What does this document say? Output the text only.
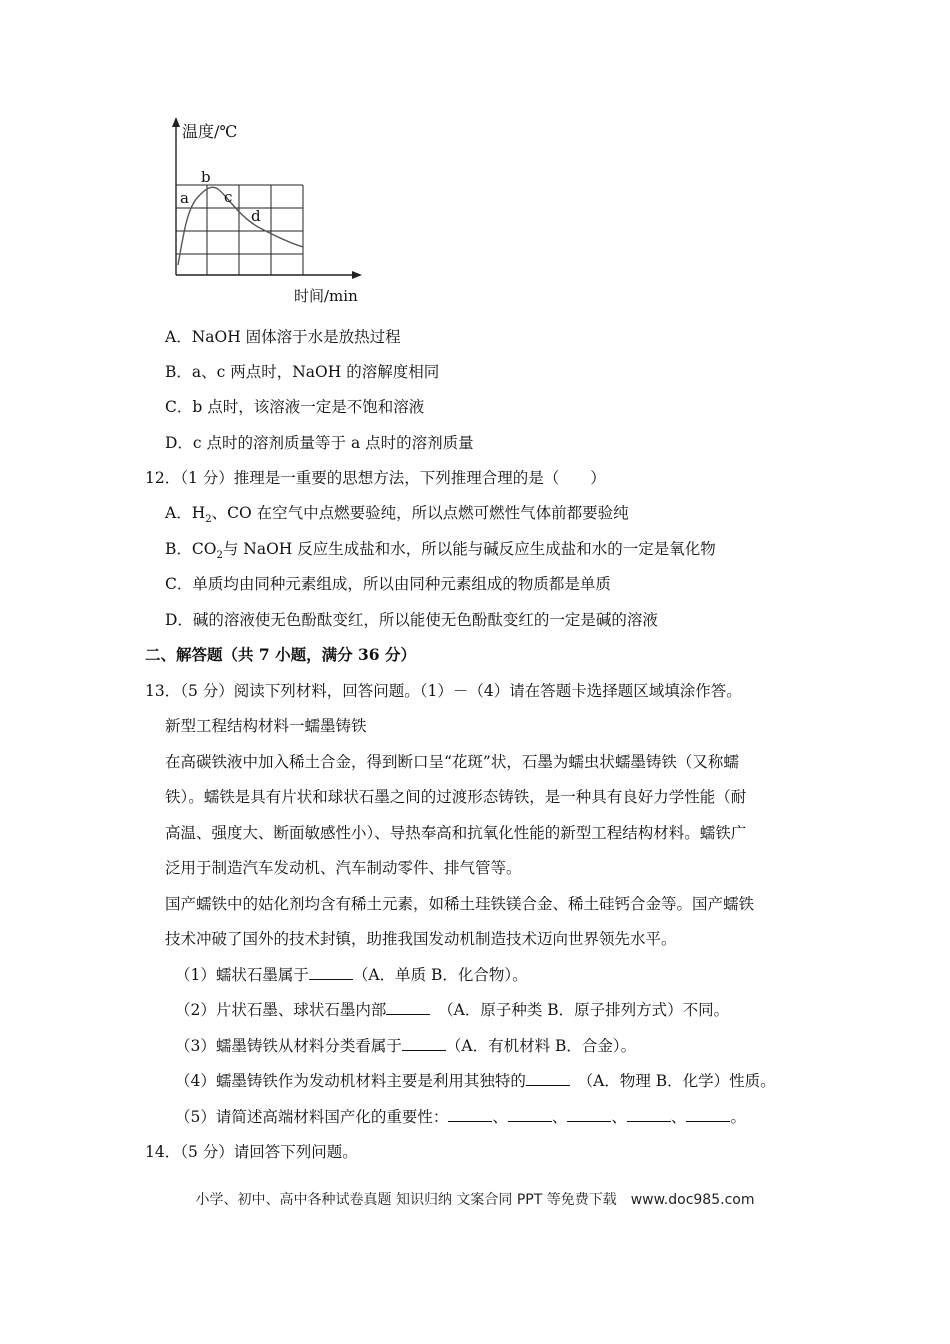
温度/℃
时间/min
a
b
c
d
A．NaOH 固体溶于水是放热过程
B．a、c 两点时，NaOH 的溶解度相同
C．b 点时，该溶液一定是不饱和溶液
D．c 点时的溶剂质量等于 a 点时的溶剂质量
12．（1 分）推理是一重要的思想方法，下列推理合理的是（　　）
A．$H_2$、CO 在空气中点燃要验纯，所以点燃可燃性气体前都要验纯
B．$CO_2$与 NaOH 反应生成盐和水，所以能与碱反应生成盐和水的一定是氧化物
C．单质均由同种元素组成，所以由同种元素组成的物质都是单质
D．碱的溶液使无色酚酞变红，所以能使无色酚酞变红的一定是碱的溶液
二、解答题（共 7 小题，满分 36 分）
13．（5 分）阅读下列材料，回答问题。（1）－（4）请在答题卡选择题区域填涂作答。
新型工程结构材料一蠕墨铸铁
在高碳铁液中加入稀土合金，得到断口呈“花斑”状，石墨为蠕虫状蠕墨铸铁（又称蠕
铁）。蠕铁是具有片状和球状石墨之间的过渡形态铸铁，是一种具有良好力学性能（耐
高温、强度大、断面敏感性小）、导热奉高和抗氧化性能的新型工程结构材料。蠕铁广
泛用于制造汽车发动机、汽车制动零件、排气管等。
国产蠕铁中的姑化剂均含有稀土元素，如稀土珪铁镁合金、稀土硅钙合金等。国产蠕铁
技术冲破了国外的技术封镇，助推我国发动机制造技术迈向世界领先水平。
（1）蠕状石墨属于	（A．单质 B．化合物）。
（2）片状石墨、球状石墨内部	　（A．原子种类 B．原子排列方式）不同。
（3）蠕墨铸铁从材料分类看属于	（A．有机材料 B．合金）。
（4）蠕墨铸铁作为发动机材料主要是利用其独特的	　（A．物理 B．化学）性质。
（5）请简述高端材料国产化的重要性：	、	、	、	、	。
14．（5 分）请回答下列问题。
小学、初中、高中各种试卷真题 知识归纳 文案合同 PPT 等免费下载　www.doc985.com
